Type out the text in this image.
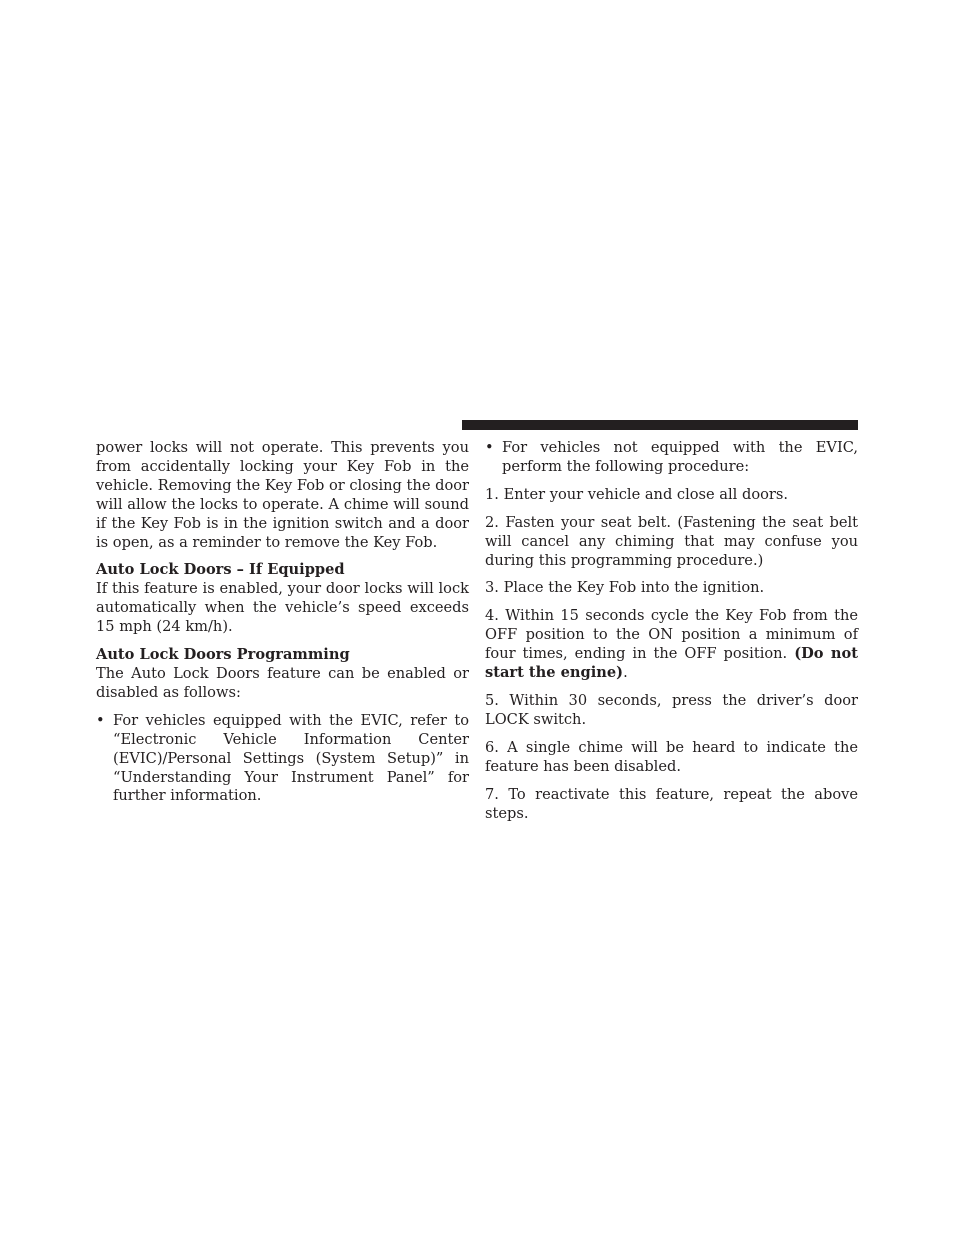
power locks will not operate. This prevents you from accidentally locking your Key Fob in the vehicle. Removing the Key Fob or closing the door will allow the locks to operate. A chime will sound if the Key Fob is in the ignition switch and a door is open, as a reminder to remove the Key Fob.

Auto Lock Doors – If Equipped

If this feature is enabled, your door locks will lock automatically when the vehicle’s speed exceeds 15 mph (24 km/h).

Auto Lock Doors Programming

The Auto Lock Doors feature can be enabled or disabled as follows:

• For vehicles equipped with the EVIC, refer to “Electronic Vehicle Information Center (EVIC)/Personal Settings (System Setup)” in “Understanding Your Instrument Panel” for further information.
• For vehicles not equipped with the EVIC, perform the following procedure:

1. Enter your vehicle and close all doors.

2. Fasten your seat belt. (Fastening the seat belt will cancel any chiming that may confuse you during this programming procedure.)

3. Place the Key Fob into the ignition.

4. Within 15 seconds cycle the Key Fob from the OFF position to the ON position a minimum of four times, ending in the OFF position. (Do not start the engine).

5. Within 30 seconds, press the driver’s door LOCK switch.

6. A single chime will be heard to indicate the feature has been disabled.

7. To reactivate this feature, repeat the above steps.
